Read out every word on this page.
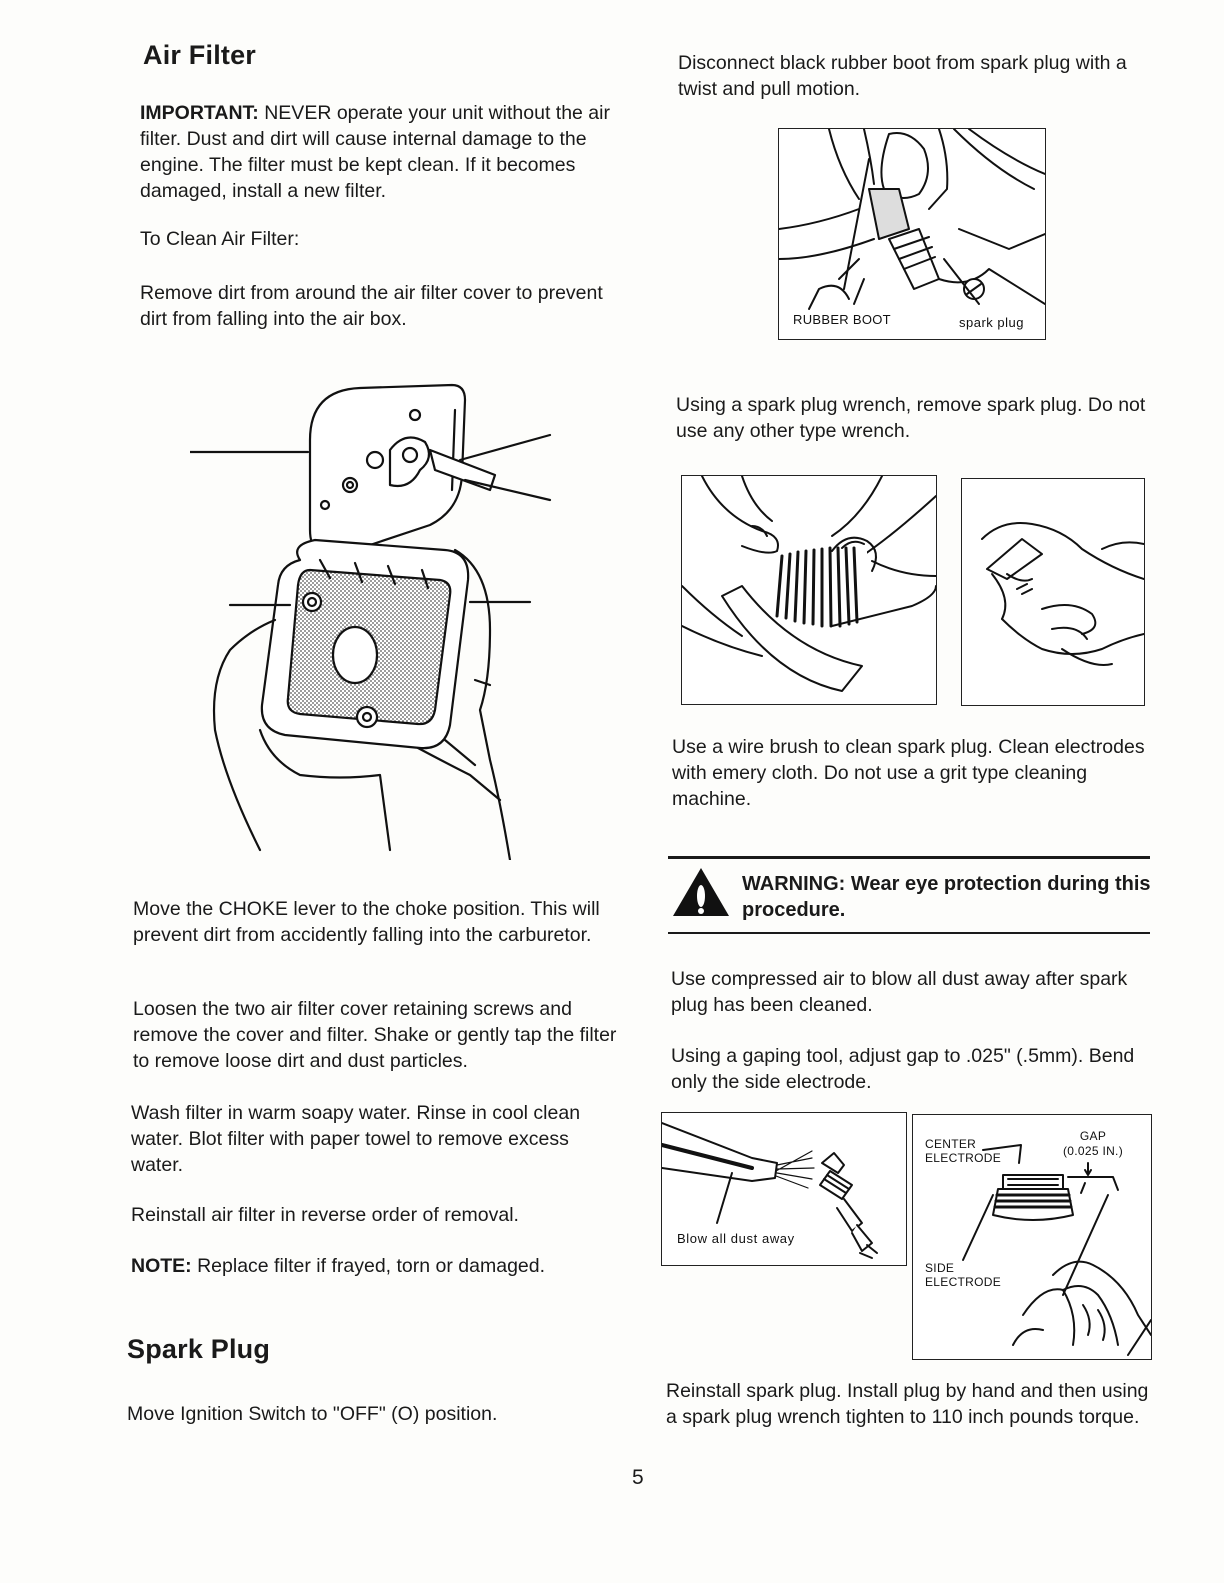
Air Filter
IMPORTANT: NEVER operate your unit without the air filter. Dust and dirt will cause internal damage to the engine. The filter must be kept clean. If it becomes damaged, install a new filter.
To Clean Air Filter:
Remove dirt from around the air filter cover to prevent dirt from falling into the air box.
Move the CHOKE lever to the choke position. This will prevent dirt from accidently falling into the carburetor.
Loosen the two air filter cover retaining screws and remove the cover and filter. Shake or gently tap the filter to remove loose dirt and dust particles.
Wash filter in warm soapy water. Rinse in cool clean water. Blot filter with paper towel to remove excess water.
Reinstall air filter in reverse order of removal.
NOTE: Replace filter if frayed, torn or damaged.
Spark Plug
Move Ignition Switch to "OFF" (O) position.
Disconnect black rubber boot from spark plug with a twist and pull motion.
RUBBER BOOT	spark plug
Using a spark plug wrench, remove spark plug. Do not use any other type wrench.
Use a wire brush to clean spark plug. Clean electrodes with emery cloth. Do not use a grit type cleaning machine.
WARNING: Wear eye protection during this procedure.
Use compressed air to blow all dust away after spark plug has been cleaned.
Using a gaping tool, adjust gap to .025" (.5mm). Bend only the side electrode.
Blow all dust away
CENTER
ELECTRODE
GAP
(0.025 IN.)
SIDE
ELECTRODE
Reinstall spark plug. Install plug by hand and then using a spark plug wrench tighten to 110 inch pounds torque.
5
